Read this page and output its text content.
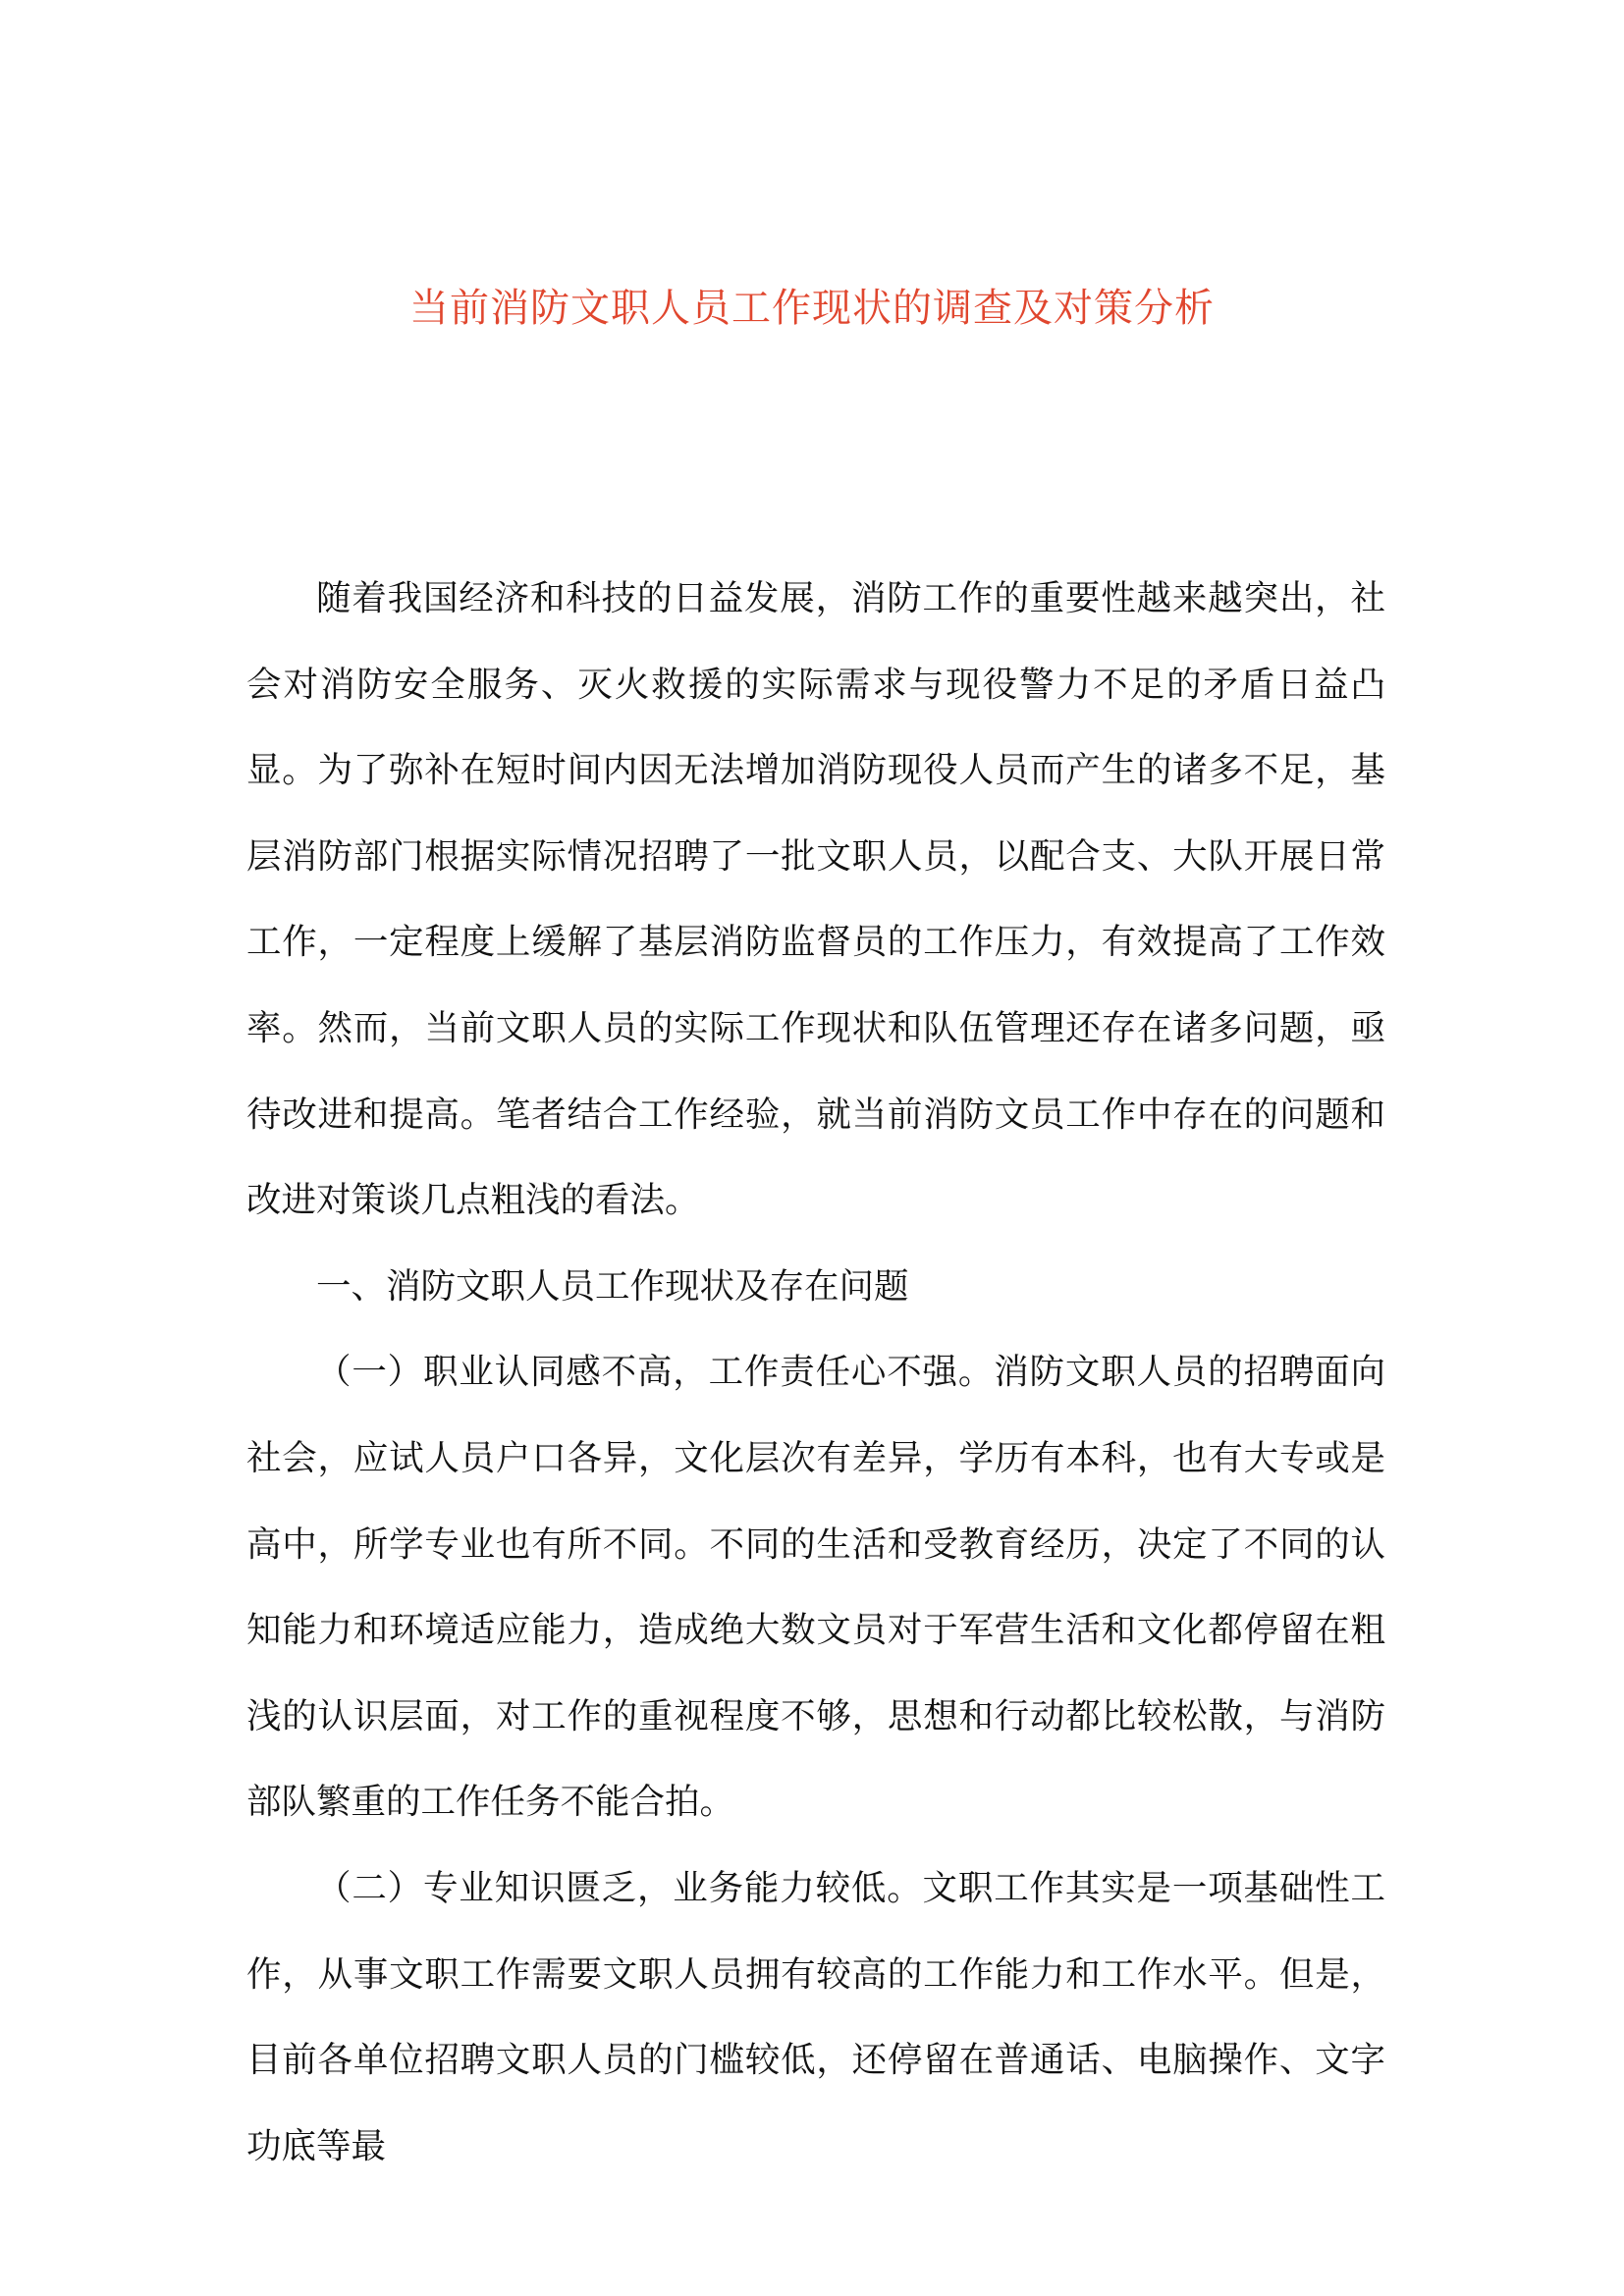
当前消防文职人员工作现状的调查及对策分析

随着我国经济和科技的日益发展，消防工作的重要性越来越突出，社会对消防安全服务、灭火救援的实际需求与现役警力不足的矛盾日益凸显。为了弥补在短时间内因无法增加消防现役人员而产生的诸多不足，基层消防部门根据实际情况招聘了一批文职人员，以配合支、大队开展日常工作，一定程度上缓解了基层消防监督员的工作压力，有效提高了工作效率。然而，当前文职人员的实际工作现状和队伍管理还存在诸多问题，亟待改进和提高。笔者结合工作经验，就当前消防文员工作中存在的问题和改进对策谈几点粗浅的看法。

一、消防文职人员工作现状及存在问题

（一）职业认同感不高，工作责任心不强。消防文职人员的招聘面向社会，应试人员户口各异，文化层次有差异，学历有本科，也有大专或是高中，所学专业也有所不同。不同的生活和受教育经历，决定了不同的认知能力和环境适应能力，造成绝大数文员对于军营生活和文化都停留在粗浅的认识层面，对工作的重视程度不够，思想和行动都比较松散，与消防部队繁重的工作任务不能合拍。

（二）专业知识匮乏，业务能力较低。文职工作其实是一项基础性工作，从事文职工作需要文职人员拥有较高的工作能力和工作水平。但是，目前各单位招聘文职人员的门槛较低，还停留在普通话、电脑操作、文字功底等最
